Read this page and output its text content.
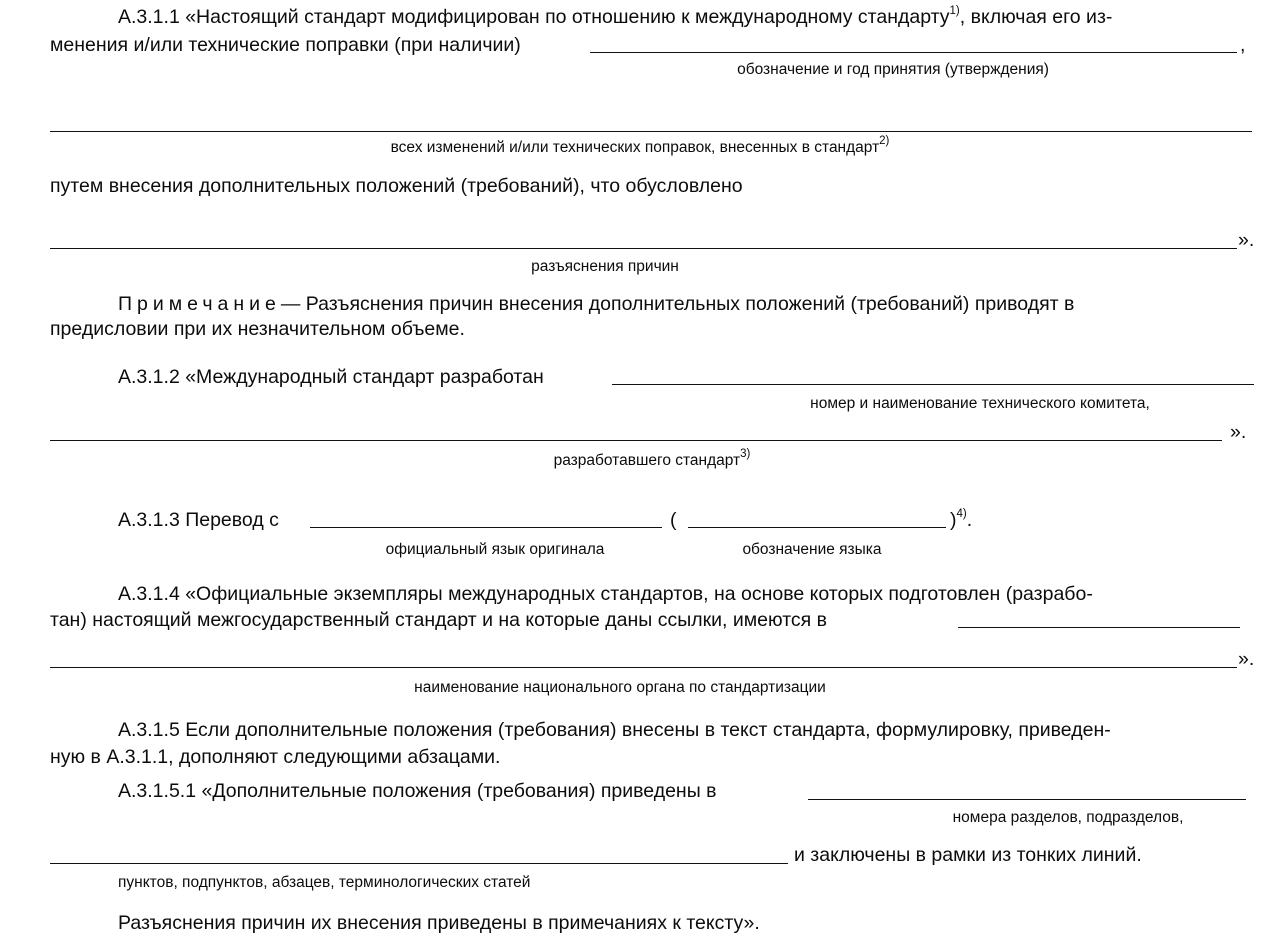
А.3.1.1 «Настоящий стандарт модифицирован по отношению к международному стандарту$^{1)}$, включая его из-
менения и/или технические поправки (при наличии)	,
обозначение и год принятия (утверждения)
всех изменений и/или технических поправок, внесенных в стандарт$^{2)}$
путем внесения дополнительных положений (требований), что обусловлено
».
разъяснения причин
Примечание— Разъяснения причин внесения дополнительных положений (требований) приводят в
предисловии при их незначительном объеме.
А.3.1.2 «Международный стандарт разработан
номер и наименование технического комитета,
».
разработавшего стандарт$^{3)}$
А.3.1.3 Перевод с	(	)$^{4)}$.
официальный язык оригинала	обозначение языка
А.3.1.4 «Официальные экземпляры международных стандартов, на основе которых подготовлен (разрабо-
тан) настоящий межгосударственный стандарт и на которые даны ссылки, имеются в
».
наименование национального органа по стандартизации
А.3.1.5 Если дополнительные положения (требования) внесены в текст стандарта, формулировку, приведен-
ную в А.3.1.1, дополняют следующими абзацами.
А.3.1.5.1 «Дополнительные положения (требования) приведены в
номера разделов, подразделов,
и заключены в рамки из тонких линий.
пунктов, подпунктов, абзацев, терминологических статей
Разъяснения причин их внесения приведены в примечаниях к тексту».
